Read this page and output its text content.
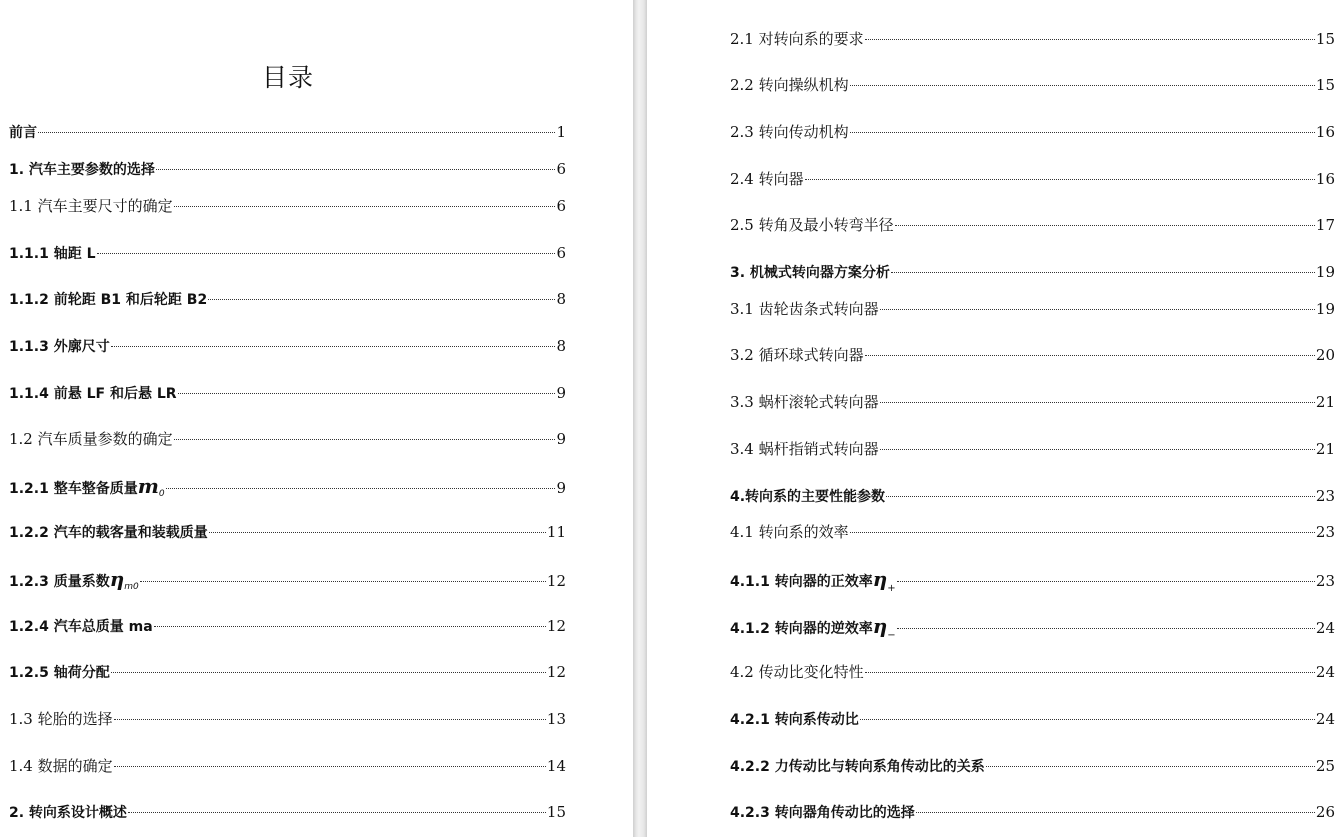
目录
前言	1
1. 汽车主要参数的选择	6
1.1 汽车主要尺寸的确定	6
1.1.1 轴距 L	6
1.1.2 前轮距 B1 和后轮距 B2	8
1.1.3 外廓尺寸	8
1.1.4 前悬 LF 和后悬 LR	9
1.2 汽车质量参数的确定	9
1.2.1 整车整备质量$m_0$	9
1.2.2 汽车的载客量和装载质量	11
1.2.3 质量系数$\eta_{m0}$	12
1.2.4 汽车总质量 ma	12
1.2.5 轴荷分配	12
1.3 轮胎的选择	13
1.4 数据的确定	14
2. 转向系设计概述	15
2.1 对转向系的要求	15
2.2 转向操纵机构	15
2.3 转向传动机构	16
2.4 转向器	16
2.5 转角及最小转弯半径	17
3. 机械式转向器方案分析	19
3.1 齿轮齿条式转向器	19
3.2 循环球式转向器	20
3.3 蜗杆滚轮式转向器	21
3.4 蜗杆指销式转向器	21
4.转向系的主要性能参数	23
4.1 转向系的效率	23
4.1.1 转向器的正效率$\eta_+$	23
4.1.2 转向器的逆效率$\eta_-$	24
4.2 传动比变化特性	24
4.2.1 转向系传动比	24
4.2.2 力传动比与转向系角传动比的关系	25
4.2.3 转向器角传动比的选择	26
